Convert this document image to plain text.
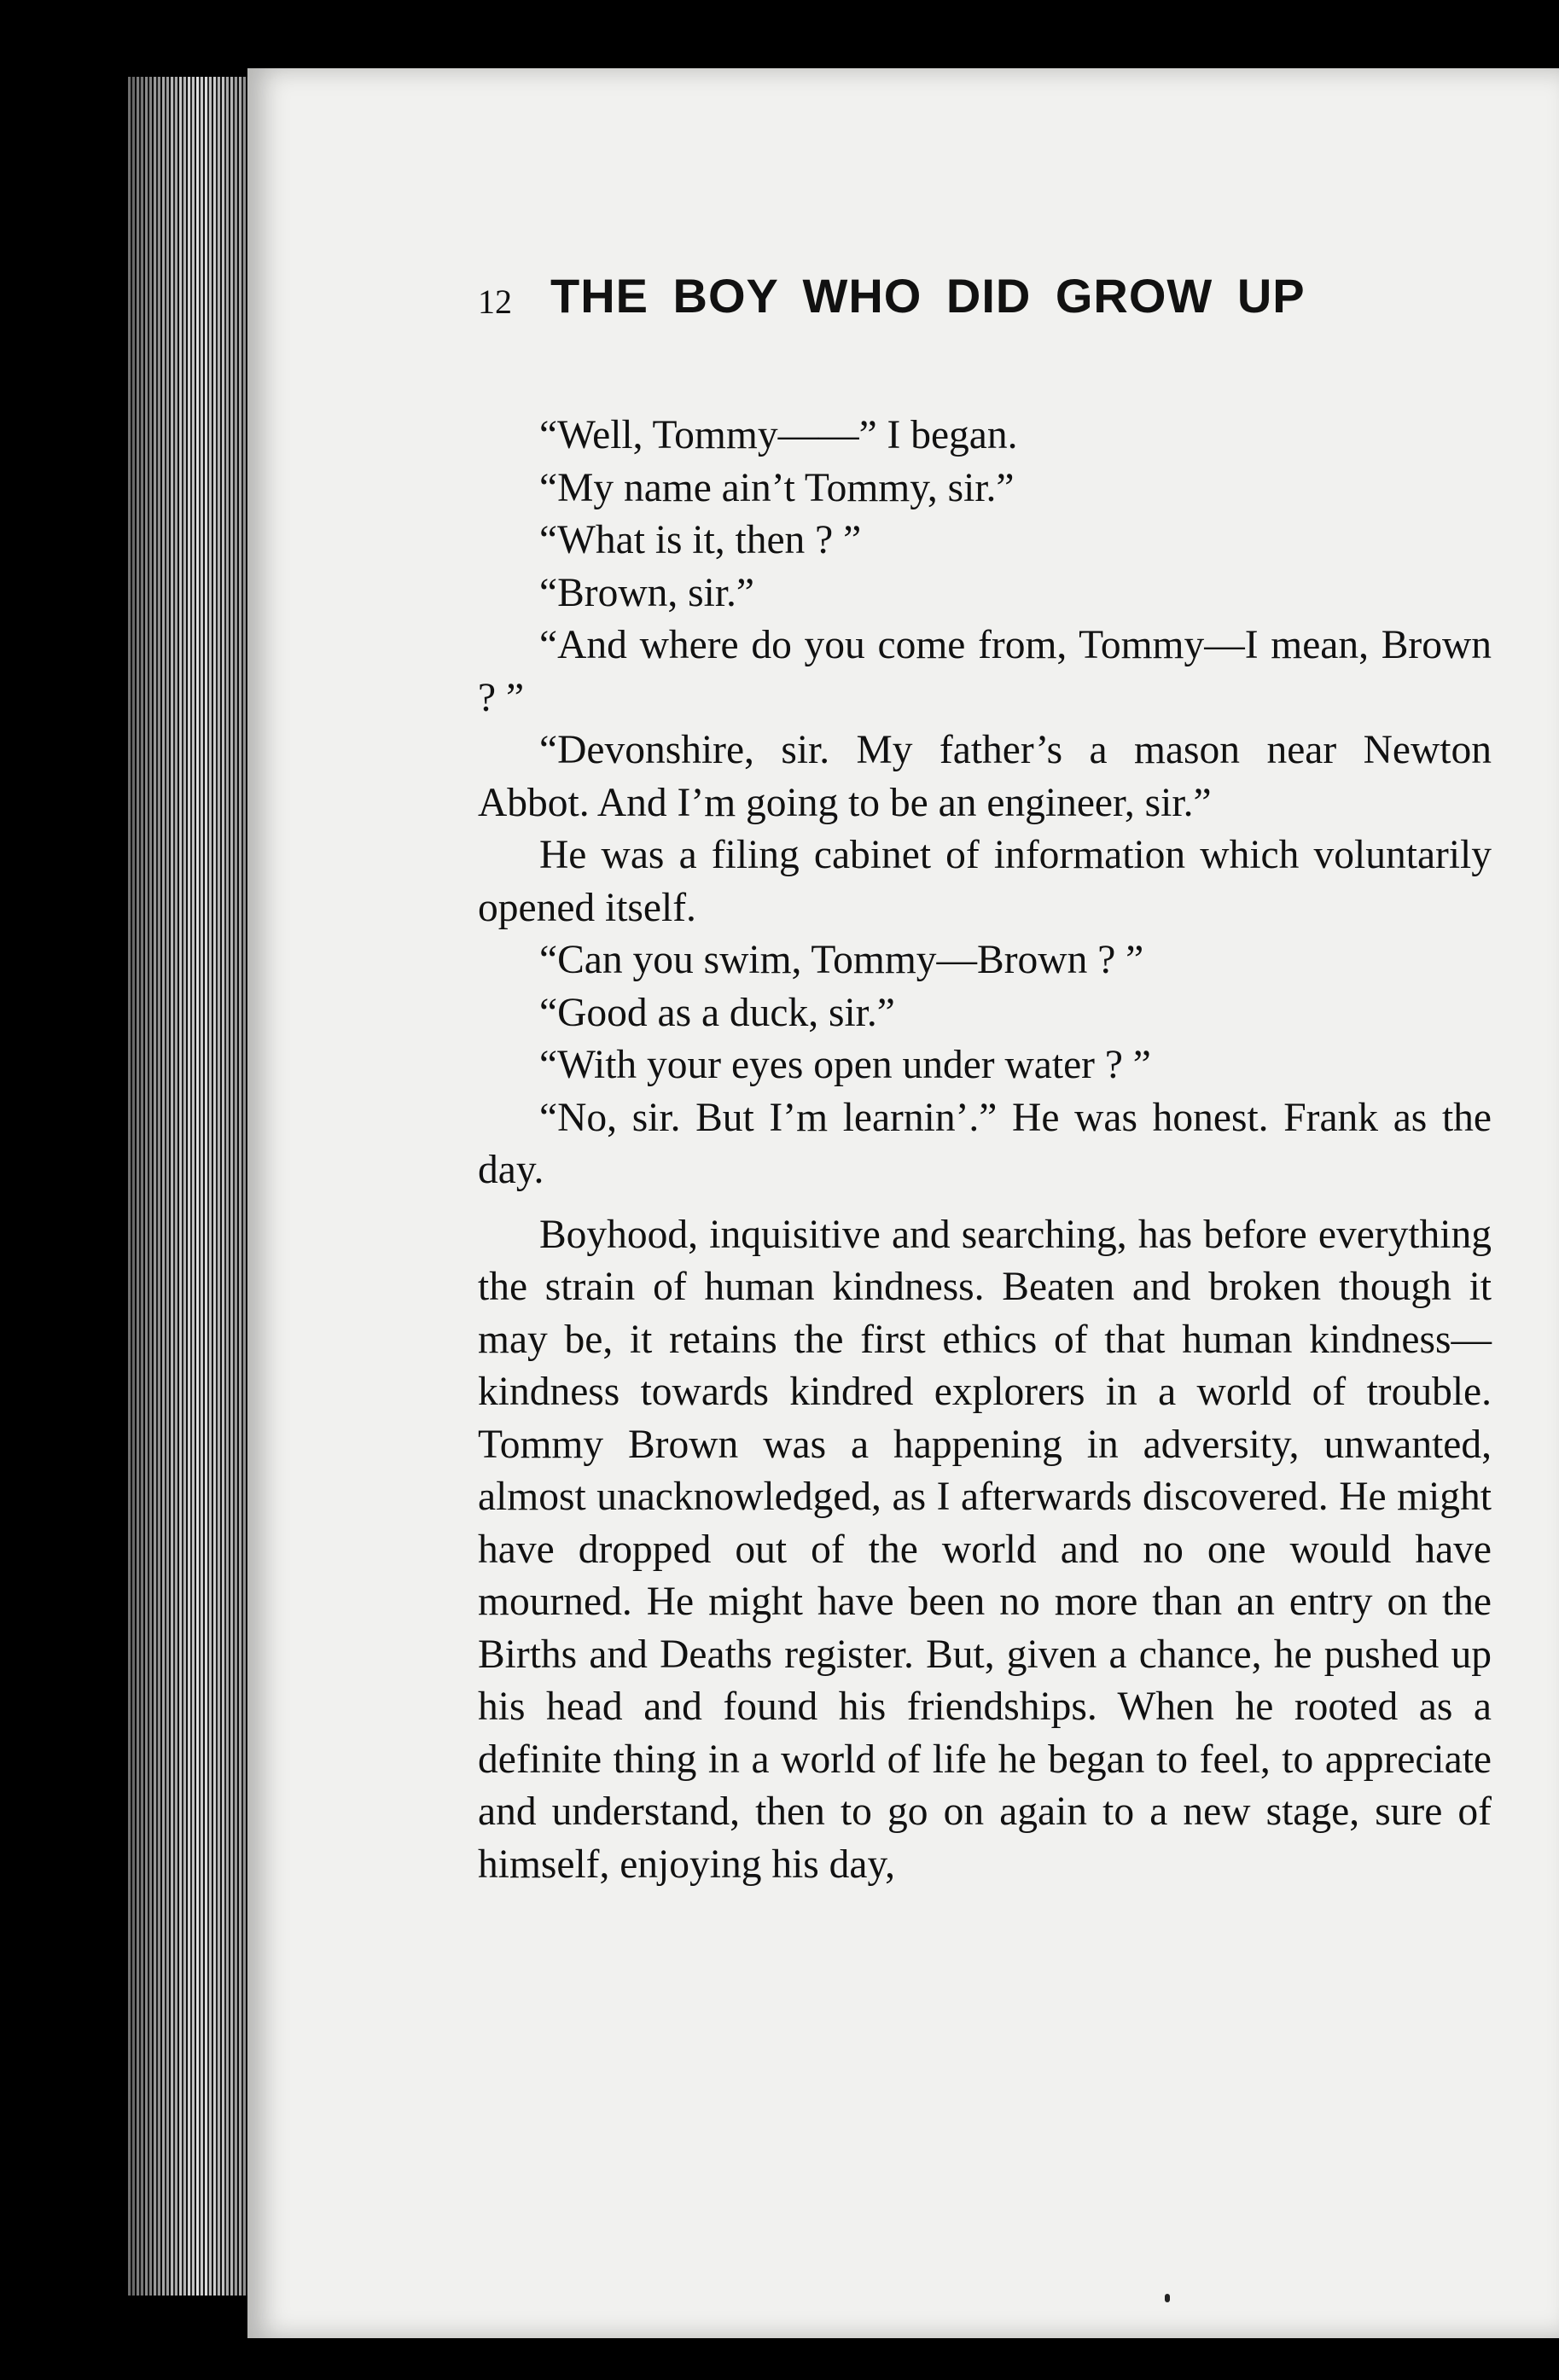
12 THE BOY WHO DID GROW UP

“Well, Tommy——” I began.

“My name ain’t Tommy, sir.”

“What is it, then ? ”

“Brown, sir.”

“And where do you come from, Tommy—I mean, Brown ? ”

“Devonshire, sir. My father’s a mason near Newton Abbot. And I’m going to be an engineer, sir.”

He was a filing cabinet of information which voluntarily opened itself.

“Can you swim, Tommy—Brown ? ”

“Good as a duck, sir.”

“With your eyes open under water ? ”

“No, sir. But I’m learnin’.” He was honest. Frank as the day.

Boyhood, inquisitive and searching, has before everything the strain of human kindness. Beaten and broken though it may be, it retains the first ethics of that human kindness—kindness towards kindred explorers in a world of trouble. Tommy Brown was a happening in adversity, unwanted, almost unacknowledged, as I afterwards discovered. He might have dropped out of the world and no one would have mourned. He might have been no more than an entry on the Births and Deaths register. But, given a chance, he pushed up his head and found his friendships. When he rooted as a definite thing in a world of life he began to feel, to appreciate and understand, then to go on again to a new stage, sure of himself, enjoying his day,
